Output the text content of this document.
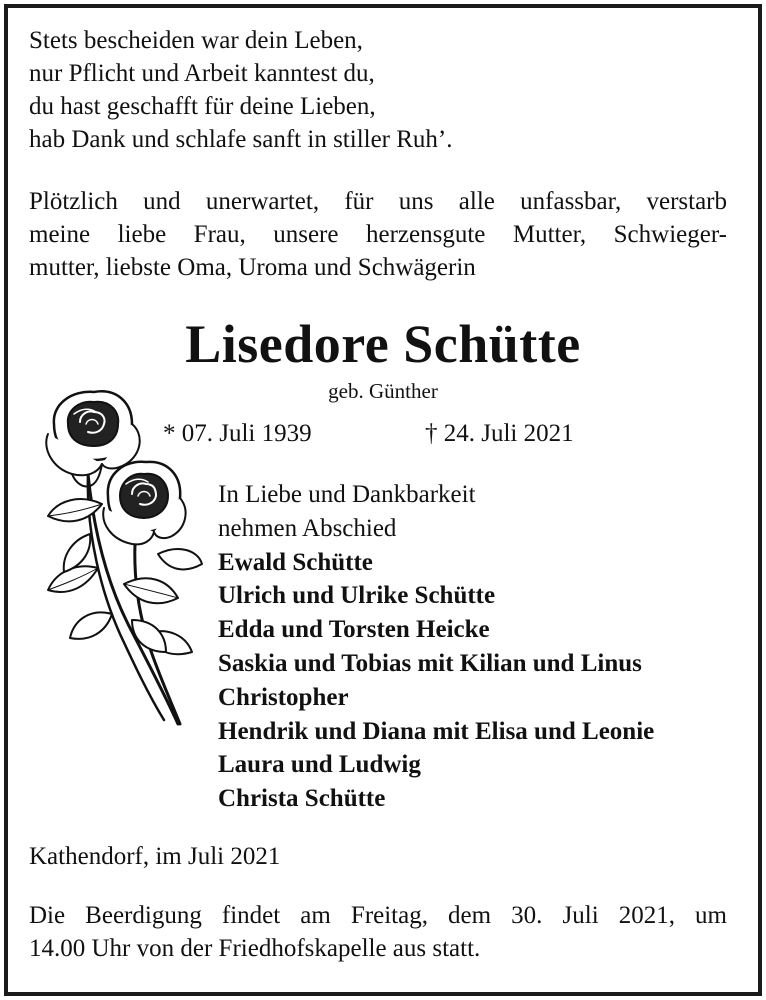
Stets bescheiden war dein Leben,
nur Pflicht und Arbeit kanntest du,
du hast geschafft für deine Lieben,
hab Dank und schlafe sanft in stiller Ruh’.
Plötzlich und unerwartet, für uns alle unfassbar, verstarb
meine liebe Frau, unsere herzensgute Mutter, Schwieger-
mutter, liebste Oma, Uroma und Schwägerin
Lisedore Schütte
geb. Günther
* 07. Juli 1939	† 24. Juli 2021
In Liebe und Dankbarkeit
nehmen Abschied
Ewald Schütte
Ulrich und Ulrike Schütte
Edda und Torsten Heicke
Saskia und Tobias mit Kilian und Linus
Christopher
Hendrik und Diana mit Elisa und Leonie
Laura und Ludwig
Christa Schütte
Kathendorf, im Juli 2021
Die Beerdigung findet am Freitag, dem 30. Juli 2021, um
14.00 Uhr von der Friedhofskapelle aus statt.
